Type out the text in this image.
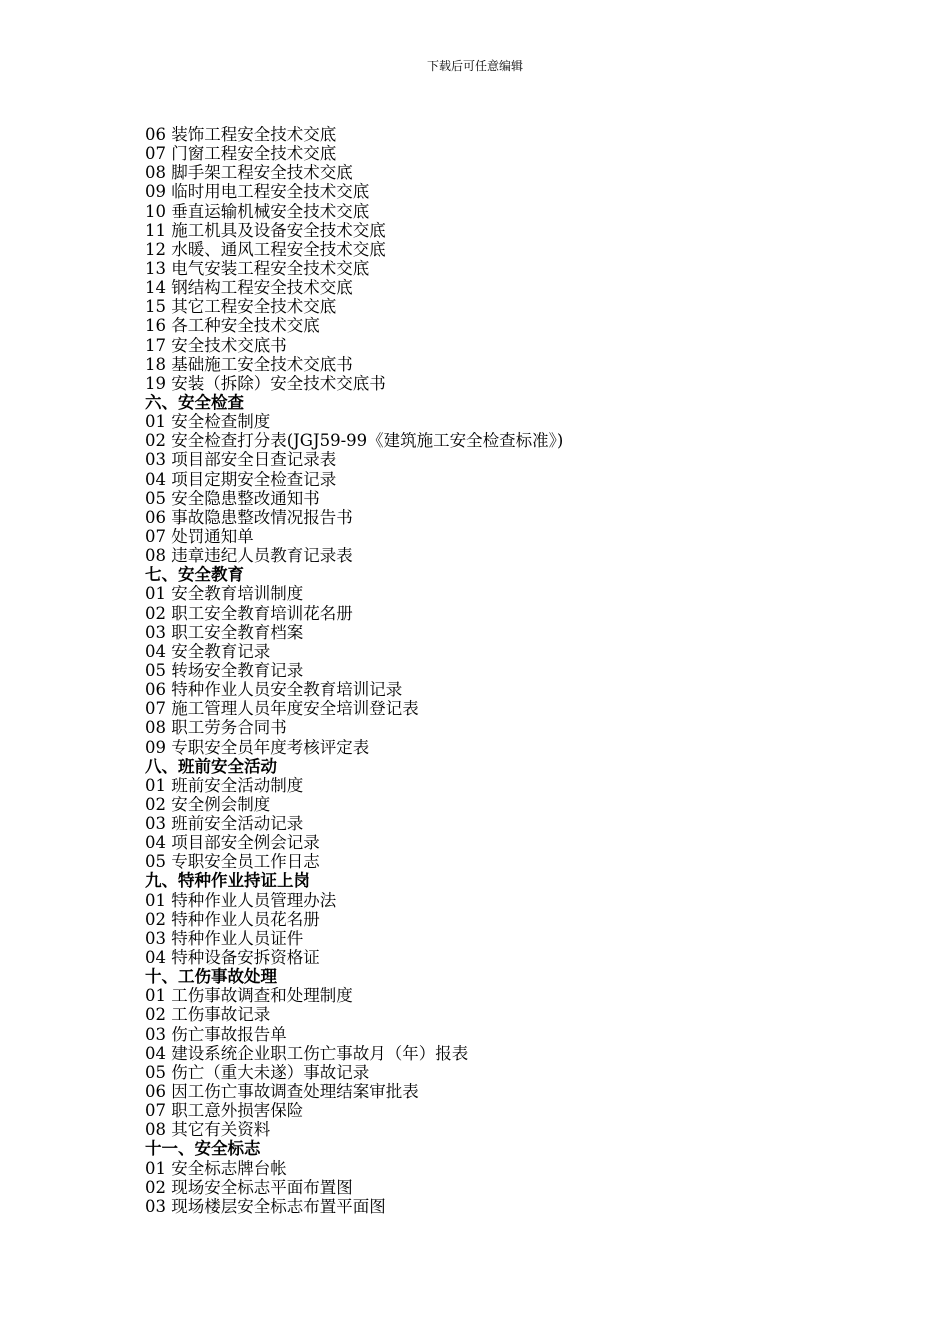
下载后可任意编辑
06 装饰工程安全技术交底
07 门窗工程安全技术交底
08 脚手架工程安全技术交底
09 临时用电工程安全技术交底
10 垂直运输机械安全技术交底
11 施工机具及设备安全技术交底
12 水暖、通风工程安全技术交底
13 电气安装工程安全技术交底
14 钢结构工程安全技术交底
15 其它工程安全技术交底
16 各工种安全技术交底
17 安全技术交底书
18 基础施工安全技术交底书
19 安装（拆除）安全技术交底书
六、安全检查
01 安全检查制度
02 安全检查打分表(JGJ59-99《建筑施工安全检查标准》)
03 项目部安全日查记录表
04 项目定期安全检查记录
05 安全隐患整改通知书
06 事故隐患整改情况报告书
07 处罚通知单
08 违章违纪人员教育记录表
七、安全教育
01 安全教育培训制度
02 职工安全教育培训花名册
03 职工安全教育档案
04 安全教育记录
05 转场安全教育记录
06 特种作业人员安全教育培训记录
07 施工管理人员年度安全培训登记表
08 职工劳务合同书
09 专职安全员年度考核评定表
八、班前安全活动
01 班前安全活动制度
02 安全例会制度
03 班前安全活动记录
04 项目部安全例会记录
05 专职安全员工作日志
九、特种作业持证上岗
01 特种作业人员管理办法
02 特种作业人员花名册
03 特种作业人员证件
04 特种设备安拆资格证
十、工伤事故处理
01 工伤事故调查和处理制度
02 工伤事故记录
03 伤亡事故报告单
04 建设系统企业职工伤亡事故月（年）报表
05 伤亡（重大未遂）事故记录
06 因工伤亡事故调查处理结案审批表
07 职工意外损害保险
08 其它有关资料
十一、安全标志
01 安全标志牌台帐
02 现场安全标志平面布置图
03 现场楼层安全标志布置平面图
